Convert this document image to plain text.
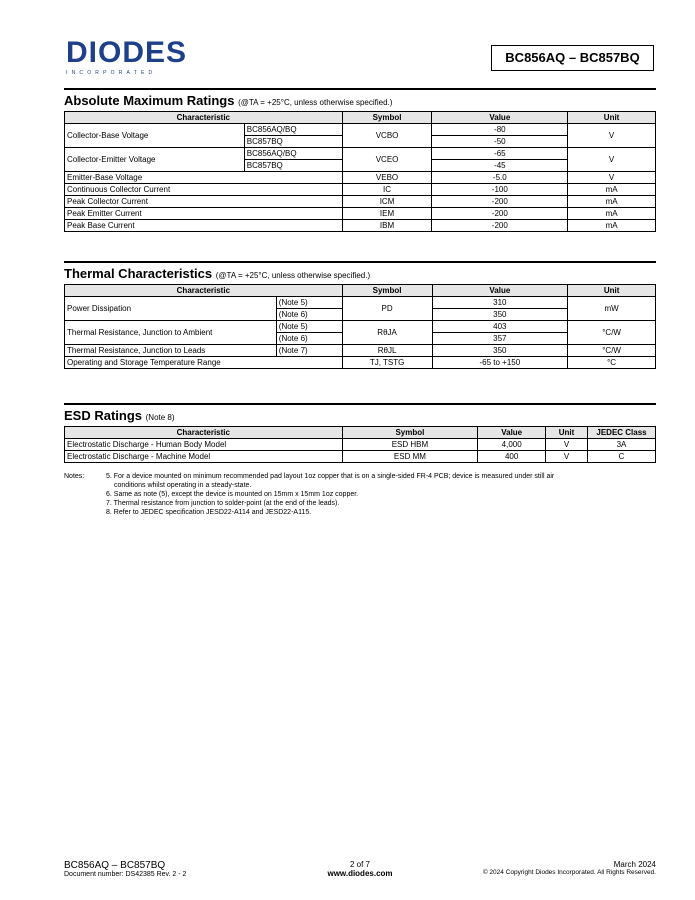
DIODES
INCORPORATED
BC856AQ – BC857BQ
Absolute Maximum Ratings (@TA = +25°C, unless otherwise specified.)
Characteristic		Symbol	Value	Unit
Collector-Base Voltage	BC856AQ/BQ	VCBO	-80	V
	BC857BQ		-50	
Collector-Emitter Voltage	BC856AQ/BQ	VCEO	-65	V
	BC857BQ		-45	
Emitter-Base Voltage		VEBO	-5.0	V
Continuous Collector Current		IC	-100	mA
Peak Collector Current		ICM	-200	mA
Peak Emitter Current		IEM	-200	mA
Peak Base Current		IBM	-200	mA
Thermal Characteristics (@TA = +25°C, unless otherwise specified.)
Characteristic		Symbol	Value	Unit
Power Dissipation	(Note 5)	PD	310	mW
	(Note 6)		350	
Thermal Resistance, Junction to Ambient	(Note 5)	RθJA	403	°C/W
	(Note 6)		357	
Thermal Resistance, Junction to Leads	(Note 7)	RθJL	350	°C/W
Operating and Storage Temperature Range		TJ, TSTG	-65 to +150	°C
ESD Ratings (Note 8)
Characteristic	Symbol	Value	Unit	JEDEC Class
Electrostatic Discharge - Human Body Model	ESD HBM	4,000	V	3A
Electrostatic Discharge - Machine Model	ESD MM	400	V	C
Notes:	5. For a device mounted on minimum recommended pad layout 1oz copper that is on a single-sided FR-4 PCB; device is measured under still air
conditions whilst operating in a steady-state.
6. Same as note (5), except the device is mounted on 15mm x 15mm 1oz copper.
7. Thermal resistance from junction to solder-point (at the end of the leads).
8. Refer to JEDEC specification JESD22-A114 and JESD22-A115.
BC856AQ – BC857BQ
Document number: DS42385 Rev. 2 - 2
2 of 7
www.diodes.com
March 2024
© 2024 Copyright Diodes Incorporated. All Rights Reserved.
